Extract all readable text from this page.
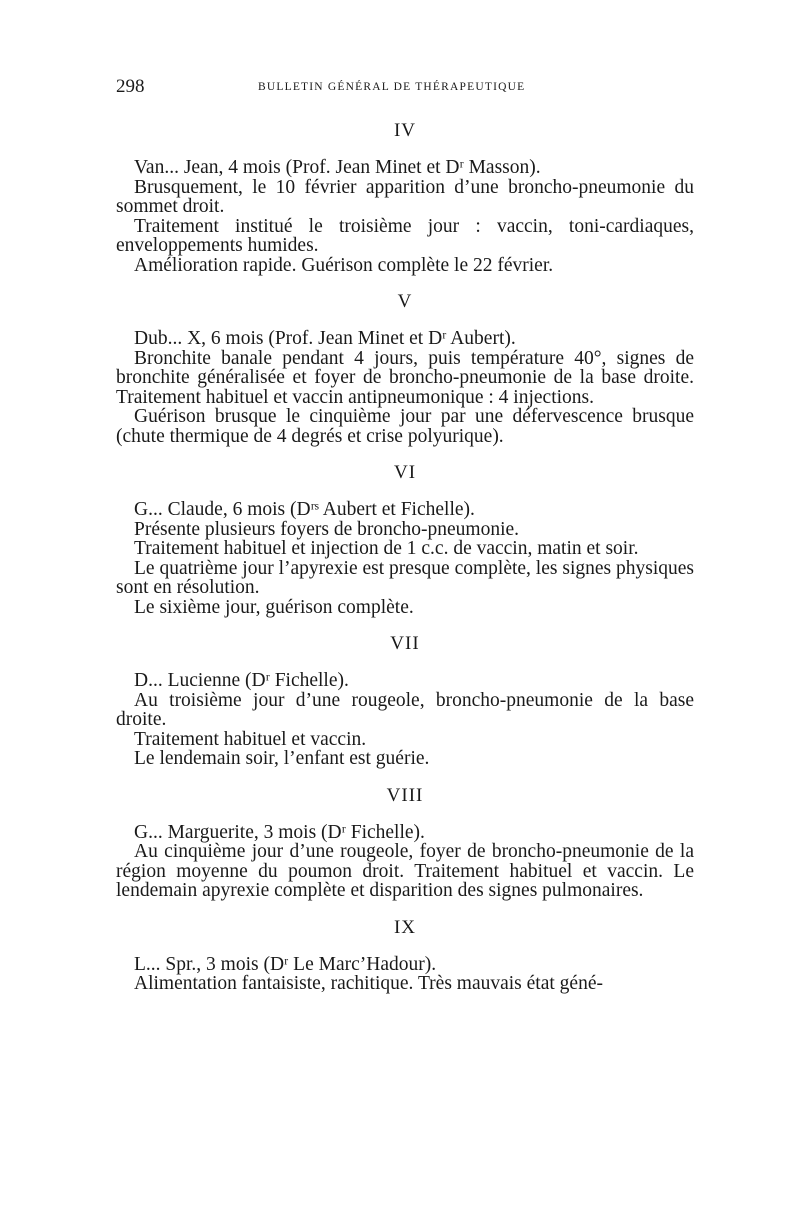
298	BULLETIN GÉNÉRAL DE THÉRAPEUTIQUE

IV

Van... Jean, 4 mois (Prof. Jean Minet et Dʳ Masson).

Brusquement, le 10 février apparition d’une broncho-pneumonie du sommet droit.

Traitement institué le troisième jour : vaccin, toni-cardiaques, enveloppements humides.

Amélioration rapide. Guérison complète le 22 février.

V

Dub... X, 6 mois (Prof. Jean Minet et Dʳ Aubert).

Bronchite banale pendant 4 jours, puis température 40°, signes de bronchite généralisée et foyer de broncho-pneumonie de la base droite. Traitement habituel et vaccin antipneumonique : 4 injections.

Guérison brusque le cinquième jour par une défervescence brusque (chute thermique de 4 degrés et crise polyurique).

VI

G... Claude, 6 mois (Dʳˢ Aubert et Fichelle).

Présente plusieurs foyers de broncho-pneumonie.

Traitement habituel et injection de 1 c.c. de vaccin, matin et soir.

Le quatrième jour l’apyrexie est presque complète, les signes physiques sont en résolution.

Le sixième jour, guérison complète.

VII

D... Lucienne (Dʳ Fichelle).

Au troisième jour d’une rougeole, broncho-pneumonie de la base droite.

Traitement habituel et vaccin.

Le lendemain soir, l’enfant est guérie.

VIII

G... Marguerite, 3 mois (Dʳ Fichelle).

Au cinquième jour d’une rougeole, foyer de broncho-pneumonie de la région moyenne du poumon droit. Traitement habituel et vaccin. Le lendemain apyrexie complète et disparition des signes pulmonaires.

IX

L... Spr., 3 mois (Dʳ Le Marc’Hadour).

Alimentation fantaisiste, rachitique. Très mauvais état géné-
